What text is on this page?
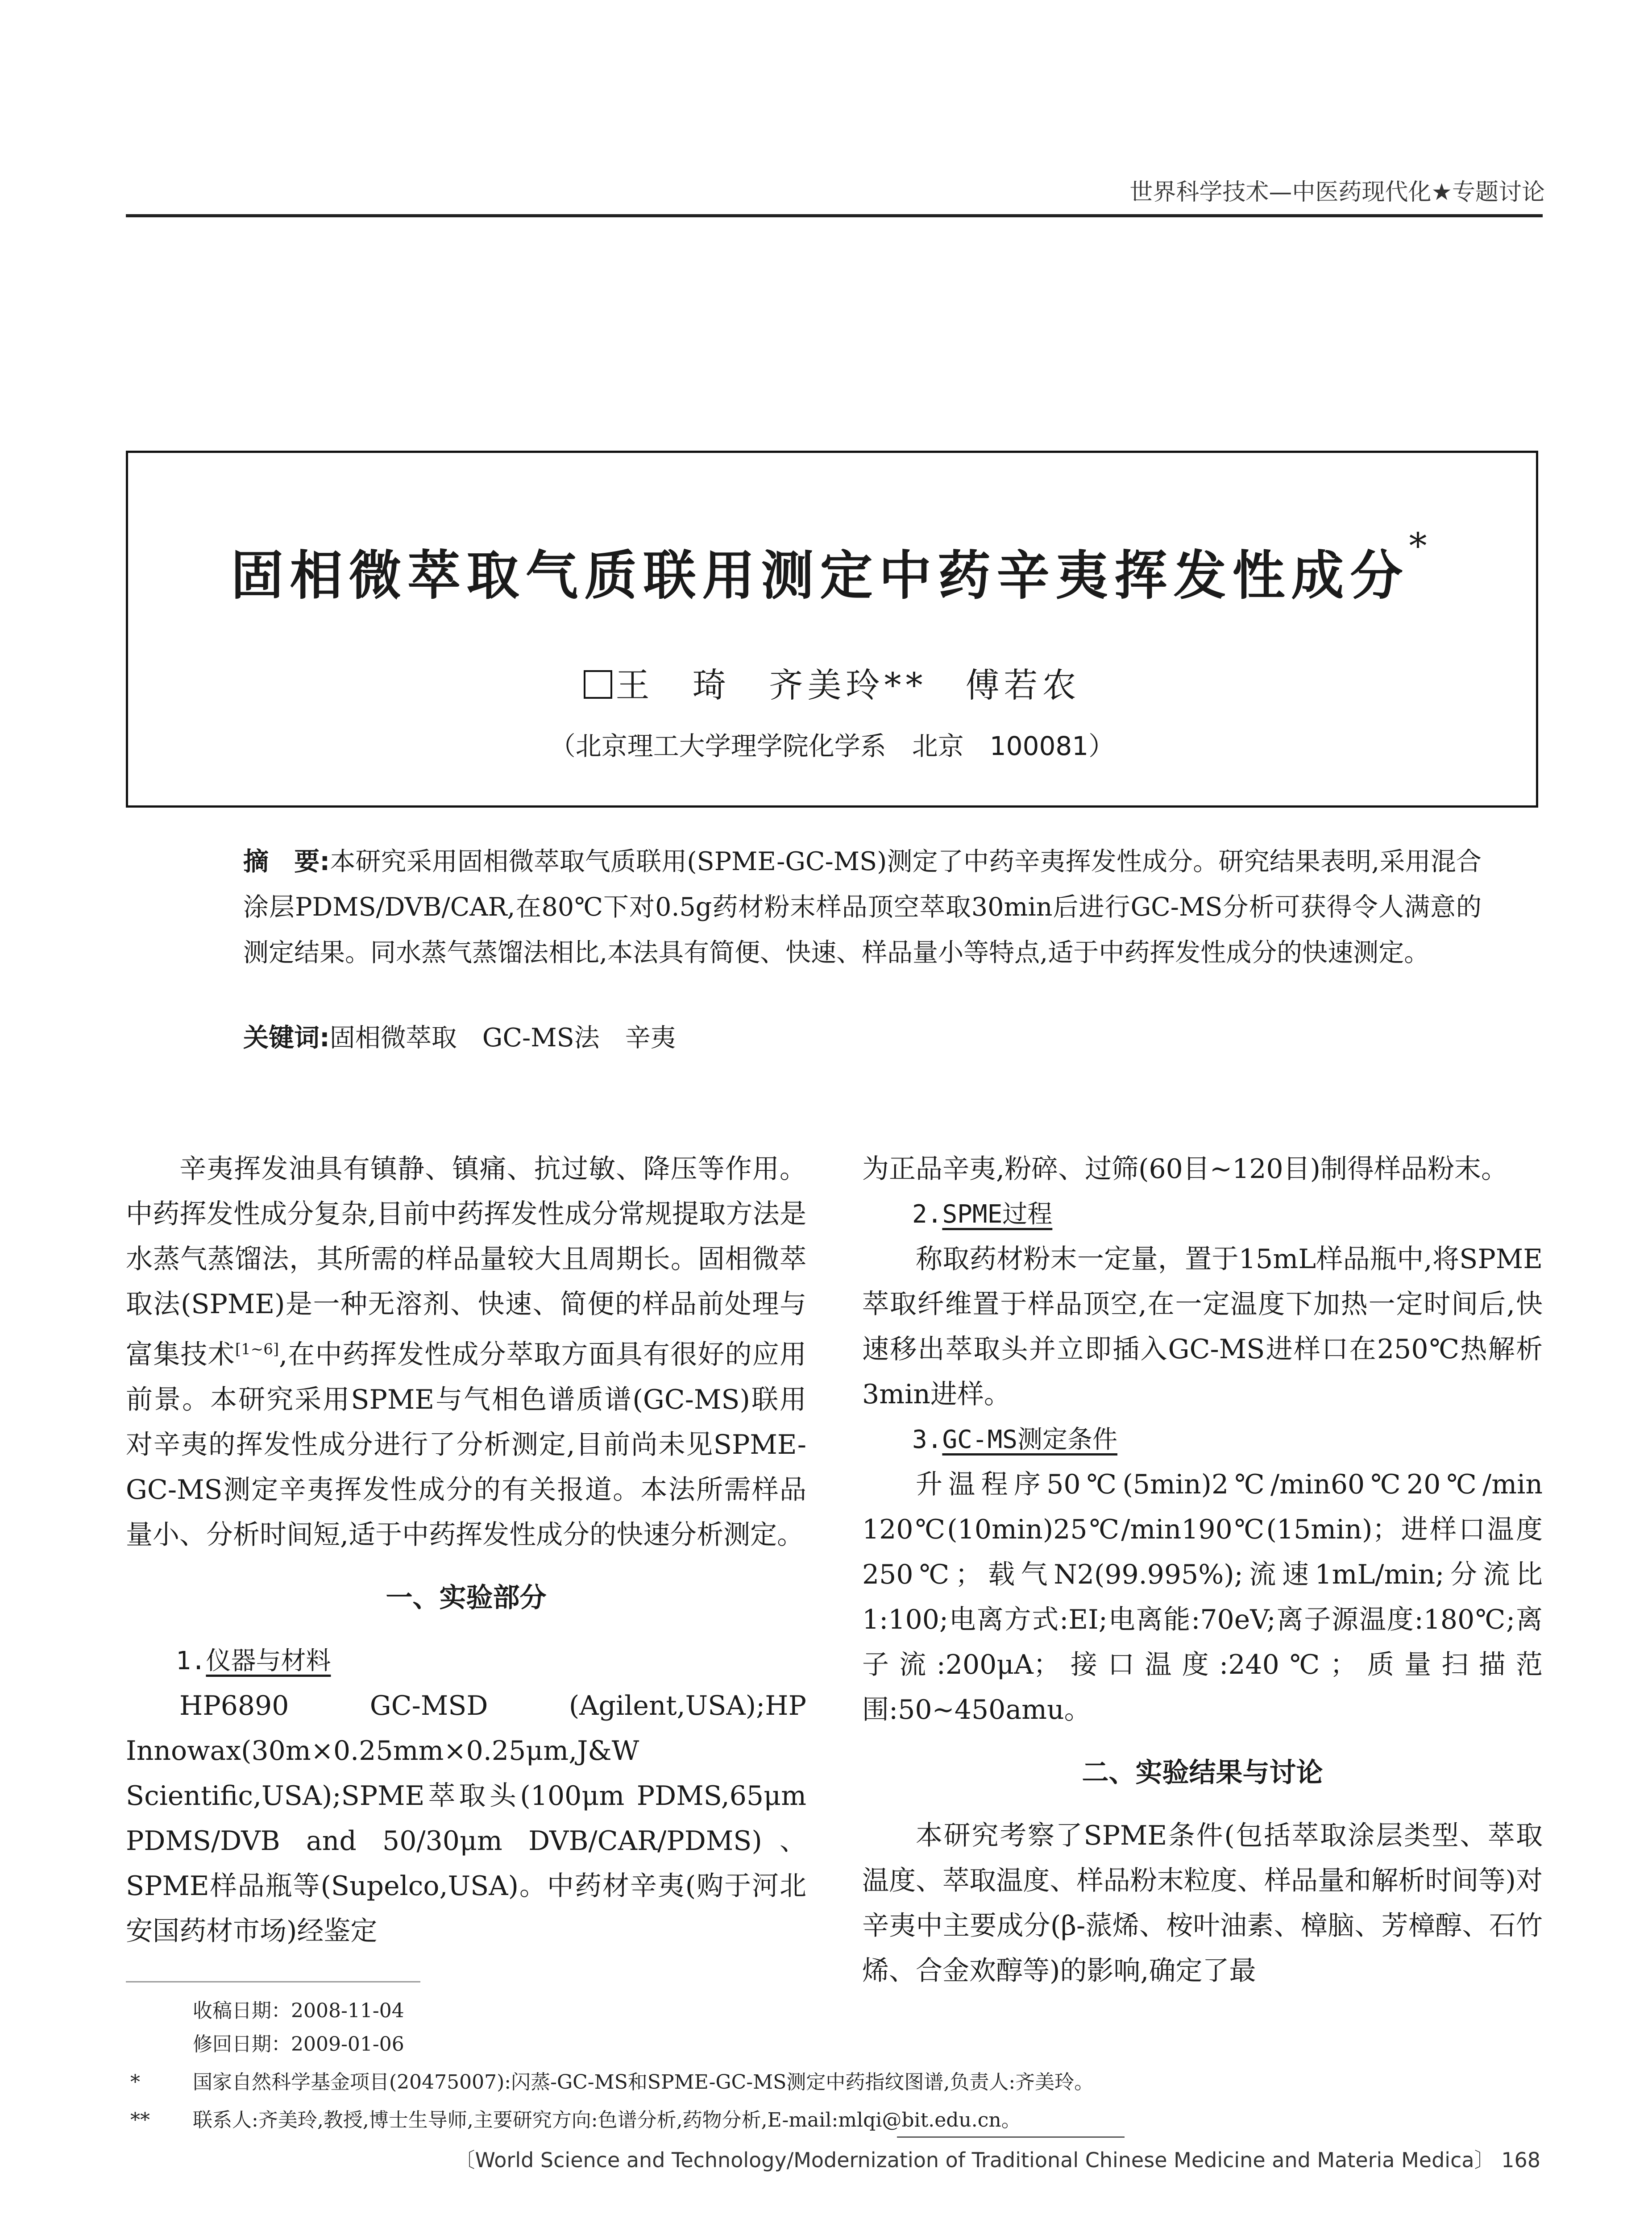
世界科学技术—中医药现代化★专题讨论
固相微萃取气质联用测定中药辛夷挥发性成分*
王　琦　齐美玲**　傅若农
（北京理工大学理学院化学系　北京　100081）
摘　要:本研究采用固相微萃取气质联用(SPME-GC-MS)测定了中药辛夷挥发性成分。研究结果表明,采用混合涂层PDMS/DVB/CAR,在80℃下对0.5g药材粉末样品顶空萃取30min后进行GC-MS分析可获得令人满意的测定结果。同水蒸气蒸馏法相比,本法具有简便、快速、样品量小等特点,适于中药挥发性成分的快速测定。
关键词:固相微萃取　GC-MS法　辛夷

辛夷挥发油具有镇静、镇痛、抗过敏、降压等作用。中药挥发性成分复杂,目前中药挥发性成分常规提取方法是水蒸气蒸馏法，其所需的样品量较大且周期长。固相微萃取法(SPME)是一种无溶剂、快速、简便的样品前处理与富集技术[1~6],在中药挥发性成分萃取方面具有很好的应用前景。本研究采用SPME与气相色谱质谱(GC-MS)联用对辛夷的挥发性成分进行了分析测定,目前尚未见SPME-GC-MS测定辛夷挥发性成分的有关报道。本法所需样品量小、分析时间短,适于中药挥发性成分的快速分析测定。

一、实验部分
1.仪器与材料

HP6890 GC-MSD (Agilent,USA);HP Innowax(30m×0.25mm×0.25μm,J&W Scientific,USA);SPME萃取头(100μm PDMS,65μm PDMS/DVB and 50/30μm DVB/CAR/PDMS)、SPME样品瓶等(Supelco,USA)。中药材辛夷(购于河北安国药材市场)经鉴定

为正品辛夷,粉碎、过筛(60目~120目)制得样品粉末。

2.SPME过程

称取药材粉末一定量，置于15mL样品瓶中,将SPME萃取纤维置于样品顶空,在一定温度下加热一定时间后,快速移出萃取头并立即插入GC-MS进样口在250℃热解析3min进样。

3.GC-MS测定条件

升温程序50℃(5min)2℃/min60℃20℃/min 120℃(10min)25℃/min190℃(15min)；进样口温度250℃；载气N2(99.995%);流速1mL/min;分流比1:100;电离方式:EI;电离能:70eV;离子源温度:180℃;离子流:200μA；接口温度:240℃；质量扫描范围:50~450amu。

二、实验结果与讨论

本研究考察了SPME条件(包括萃取涂层类型、萃取温度、萃取温度、样品粉末粒度、样品量和解析时间等)对辛夷中主要成分(β-蒎烯、桉叶油素、樟脑、芳樟醇、石竹烯、合金欢醇等)的影响,确定了最

收稿日期：2008-11-04
修回日期：2009-01-06
*	国家自然科学基金项目(20475007):闪蒸-GC-MS和SPME-GC-MS测定中药指纹图谱,负责人:齐美玲。
** 联系人:齐美玲,教授,博士生导师,主要研究方向:色谱分析,药物分析,E-mail:mlqi@bit.edu.cn。
〔World Science and Technology/Modernization of Traditional Chinese Medicine and Materia Medica〕 168
